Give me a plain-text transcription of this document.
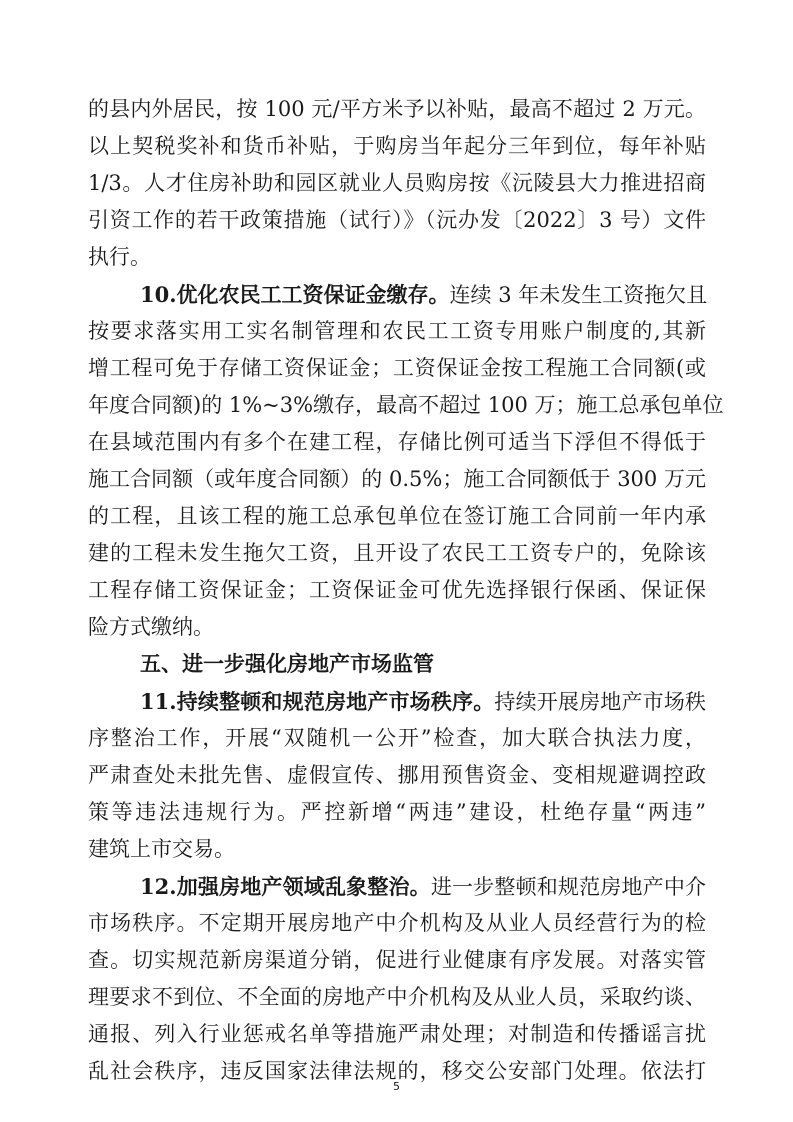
的县内外居民，按 100 元/平方米予以补贴，最高不超过 2 万元。
以上契税奖补和货币补贴，于购房当年起分三年到位，每年补贴
1/3。人才住房补助和园区就业人员购房按《沅陵县大力推进招商
引资工作的若干政策措施（试行）》（沅办发〔2022〕3 号）文件
执行。
10.优化农民工工资保证金缴存。连续 3 年未发生工资拖欠且
按要求落实用工实名制管理和农民工工资专用账户制度的,其新
增工程可免于存储工资保证金；工资保证金按工程施工合同额(或
年度合同额)的 1%~3%缴存，最高不超过 100 万；施工总承包单位
在县域范围内有多个在建工程，存储比例可适当下浮但不得低于
施工合同额（或年度合同额）的 0.5%；施工合同额低于 300 万元
的工程，且该工程的施工总承包单位在签订施工合同前一年内承
建的工程未发生拖欠工资，且开设了农民工工资专户的，免除该
工程存储工资保证金；工资保证金可优先选择银行保函、保证保
险方式缴纳。
五、进一步强化房地产市场监管
11.持续整顿和规范房地产市场秩序。持续开展房地产市场秩
序整治工作，开展“双随机一公开”检查，加大联合执法力度，
严肃查处未批先售、虚假宣传、挪用预售资金、变相规避调控政
策等违法违规行为。严控新增“两违”建设，杜绝存量“两违”
建筑上市交易。
12.加强房地产领域乱象整治。进一步整顿和规范房地产中介
市场秩序。不定期开展房地产中介机构及从业人员经营行为的检
查。切实规范新房渠道分销，促进行业健康有序发展。对落实管
理要求不到位、不全面的房地产中介机构及从业人员，采取约谈、
通报、列入行业惩戒名单等措施严肃处理；对制造和传播谣言扰
乱社会秩序，违反国家法律法规的，移交公安部门处理。依法打
5
